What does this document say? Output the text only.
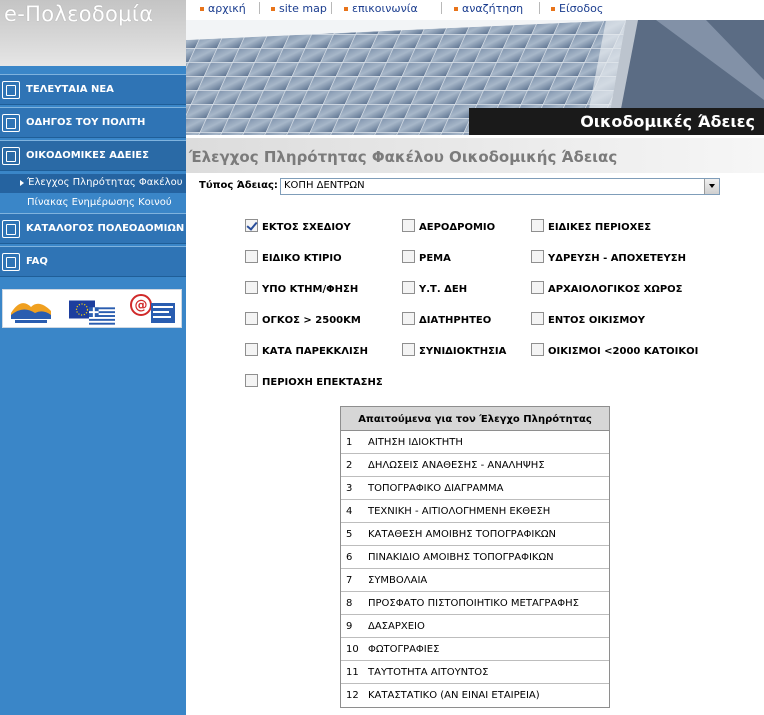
e-Πολεοδομία
ΤΕΛΕΥΤΑΙΑ ΝΕΑ
ΟΔΗΓΟΣ ΤΟΥ ΠΟΛΙΤΗ
ΟΙΚΟΔΟΜΙΚΕΣ ΑΔΕΙΕΣ
Έλεγχος Πληρότητας Φακέλου
Πίνακας Ενημέρωσης Κοινού
ΚΑΤΑΛΟΓΟΣ ΠΟΛΕΟΔΟΜΙΩΝ
FAQ
@
αρχική	site map	επικοινωνία	αναζήτηση	Είσοδος
Οικοδομικές Άδειες
Έλεγχος Πληρότητας Φακέλου Οικοδομικής Άδειας
Τύπος Άδειας: ΚΟΠΗ ΔΕΝΤΡΩΝ
ΕΚΤΟΣ ΣΧΕΔΙΟΥ	ΑΕΡΟΔΡΟΜΙΟ	ΕΙΔΙΚΕΣ ΠΕΡΙΟΧΕΣ
ΕΙΔΙΚΟ ΚΤΙΡΙΟ	ΡΕΜΑ	ΥΔΡΕΥΣΗ - ΑΠΟΧΕΤΕΥΣΗ
ΥΠΟ ΚΤΗΜ/ΦΗΣΗ	Υ.Τ. ΔΕΗ	ΑΡΧΑΙΟΛΟΓΙΚΟΣ ΧΩΡΟΣ
ΟΓΚΟΣ > 2500ΚΜ	ΔΙΑΤΗΡΗΤΕΟ	ΕΝΤΟΣ ΟΙΚΙΣΜΟΥ
ΚΑΤΑ ΠΑΡΕΚΚΛΙΣΗ	ΣΥΝΙΔΙΟΚΤΗΣΙΑ	ΟΙΚΙΣΜΟΙ <2000 ΚΑΤΟΙΚΟΙ
ΠΕΡΙΟΧΗ ΕΠΕΚΤΑΣΗΣ
Απαιτούμενα για τον Έλεγχο Πληρότητας
1 ΑΙΤΗΣΗ ΙΔΙΟΚΤΗΤΗ
2 ΔΗΛΩΣΕΙΣ ΑΝΑΘΕΣΗΣ - ΑΝΑΛΗΨΗΣ
3 ΤΟΠΟΓΡΑΦΙΚΟ ΔΙΑΓΡΑΜΜΑ
4 ΤΕΧΝΙΚΗ - ΑΙΤΙΟΛΟΓΗΜΕΝΗ ΕΚΘΕΣΗ
5 ΚΑΤΑΘΕΣΗ ΑΜΟΙΒΗΣ ΤΟΠΟΓΡΑΦΙΚΩΝ
6 ΠΙΝΑΚΙΔΙΟ ΑΜΟΙΒΗΣ ΤΟΠΟΓΡΑΦΙΚΩΝ
7 ΣΥΜΒΟΛΑΙΑ
8 ΠΡΟΣΦΑΤΟ ΠΙΣΤΟΠΟΙΗΤΙΚΟ ΜΕΤΑΓΡΑΦΗΣ
9 ΔΑΣΑΡΧΕΙΟ
10 ΦΩΤΟΓΡΑΦΙΕΣ
11 ΤΑΥΤΟΤΗΤΑ ΑΙΤΟΥΝΤΟΣ
12 ΚΑΤΑΣΤΑΤΙΚΟ (ΑΝ ΕΙΝΑΙ ΕΤΑΙΡΕΙΑ)
